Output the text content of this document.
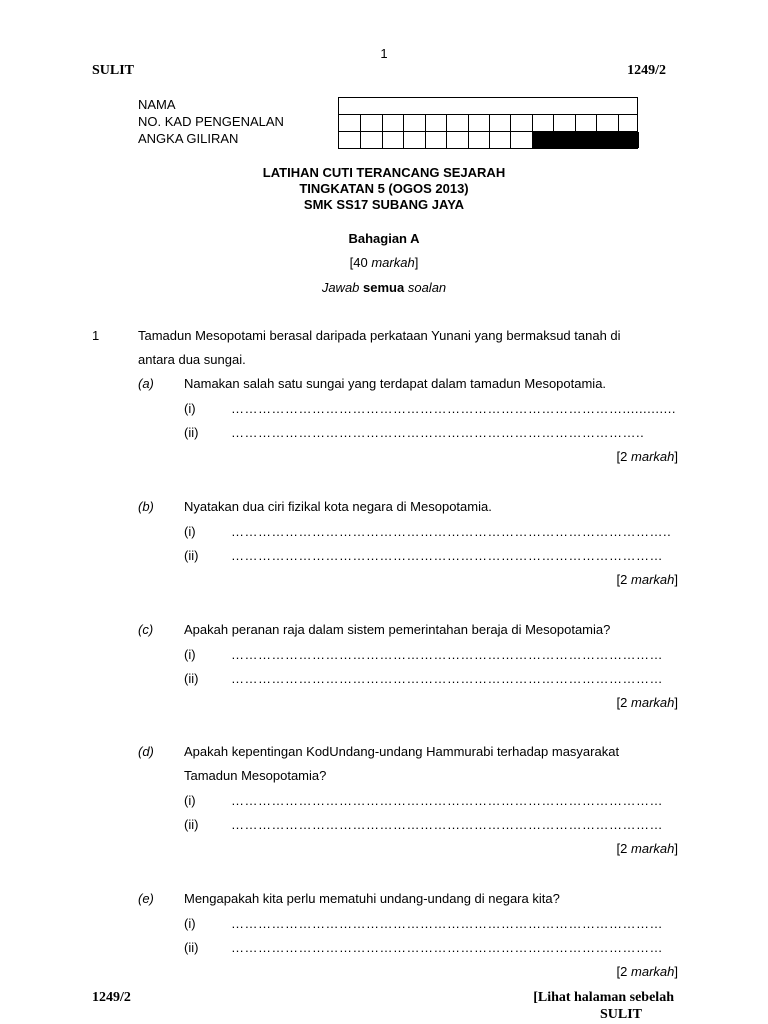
1
SULIT	1249/2
NAMA
NO. KAD PENGENALAN
ANGKA GILIRAN
LATIHAN CUTI TERANCANG SEJARAH
TINGKATAN 5 (OGOS 2013)
SMK SS17 SUBANG JAYA
Bahagian A
[40 markah]
Jawab semua soalan
1	Tamadun Mesopotami berasal daripada perkataan Yunani yang bermaksud tanah di
antara dua sungai.
(a) Namakan salah satu sungai yang terdapat dalam tamadun Mesopotamia.
(i)	…………………………………………………………………………….............
(ii)	………………………………………………………………………………..
[2 markah]
(b) Nyatakan dua ciri fizikal kota negara di Mesopotamia.
(i)	……………………………………………………………………………………..
(ii)	……………………………………………………………………………………
[2 markah]
(c) Apakah peranan raja dalam sistem pemerintahan beraja di Mesopotamia?
(i)	……………………………………………………………………………………
(ii)	……………………………………………………………………………………
[2 markah]
(d) Apakah kepentingan KodUndang-undang Hammurabi terhadap masyarakat
Tamadun Mesopotamia?
(i)	……………………………………………………………………………………
(ii)	……………………………………………………………………………………
[2 markah]
(e) Mengapakah kita perlu mematuhi undang-undang di negara kita?
(i)	……………………………………………………………………………………
(ii)	……………………………………………………………………………………
[2 markah]
1249/2	[Lihat halaman sebelah
SULIT
